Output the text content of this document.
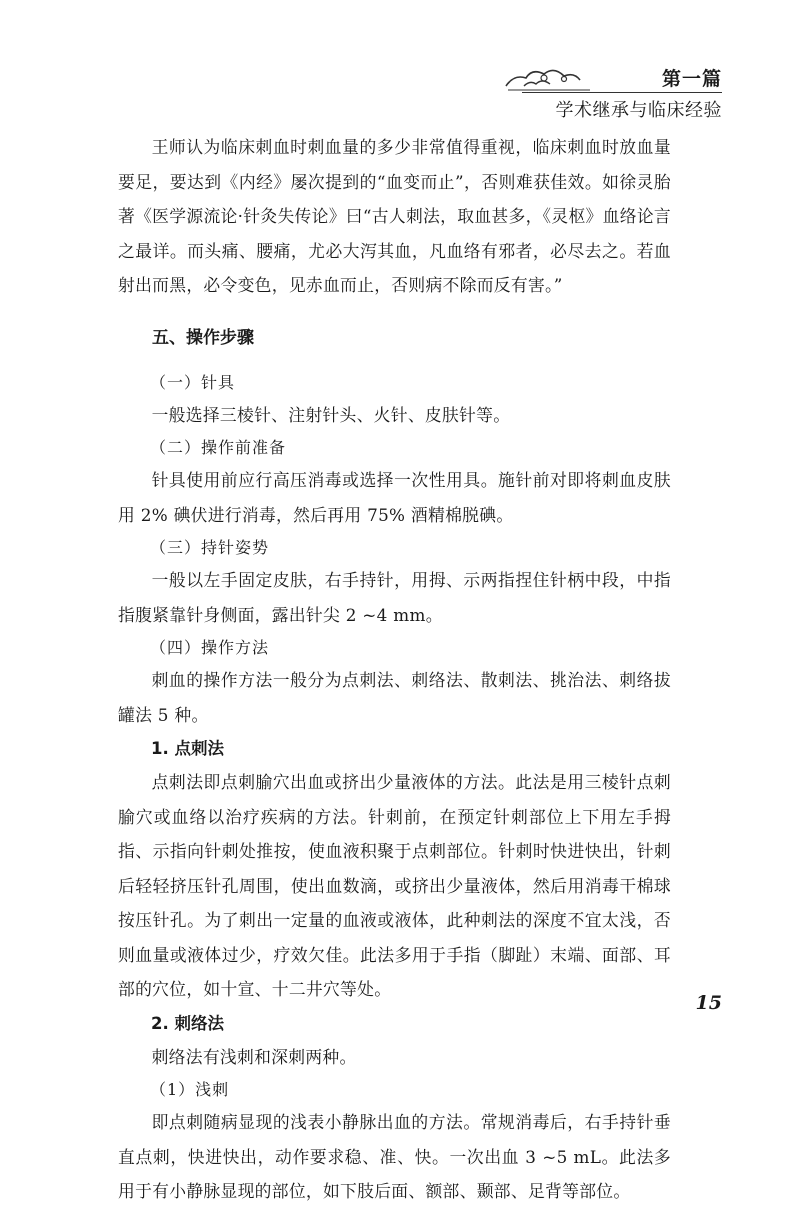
第一篇
学术继承与临床经验

王师认为临床刺血时刺血量的多少非常值得重视，临床刺血时放血量要足，要达到《内经》屡次提到的“血变而止”，否则难获佳效。如徐灵胎著《医学源流论·针灸失传论》曰“古人刺法，取血甚多，《灵枢》血络论言之最详。而头痛、腰痛，尤必大泻其血，凡血络有邪者，必尽去之。若血射出而黑，必令变色，见赤血而止，否则病不除而反有害。”

五、操作步骤
（一）针具

一般选择三棱针、注射针头、火针、皮肤针等。

（二）操作前准备

针具使用前应行高压消毒或选择一次性用具。施针前对即将刺血皮肤用 2% 碘伏进行消毒，然后再用 75% 酒精棉脱碘。

（三）持针姿势

一般以左手固定皮肤，右手持针，用拇、示两指捏住针柄中段，中指指腹紧靠针身侧面，露出针尖 2 ~4 mm。

（四）操作方法

刺血的操作方法一般分为点刺法、刺络法、散刺法、挑治法、刺络拔罐法 5 种。

1. 点刺法

点刺法即点刺腧穴出血或挤出少量液体的方法。此法是用三棱针点刺腧穴或血络以治疗疾病的方法。针刺前，在预定针刺部位上下用左手拇指、示指向针刺处推按，使血液积聚于点刺部位。针刺时快进快出，针刺后轻轻挤压针孔周围，使出血数滴，或挤出少量液体，然后用消毒干棉球按压针孔。为了刺出一定量的血液或液体，此种刺法的深度不宜太浅，否则血量或液体过少，疗效欠佳。此法多用于手指（脚趾）末端、面部、耳部的穴位，如十宣、十二井穴等处。

2. 刺络法

刺络法有浅刺和深刺两种。

（1）浅刺

即点刺随病显现的浅表小静脉出血的方法。常规消毒后，右手持针垂直点刺，快进快出，动作要求稳、准、快。一次出血 3 ~5 mL。此法多用于有小静脉显现的部位，如下肢后面、额部、颞部、足背等部位。

15
